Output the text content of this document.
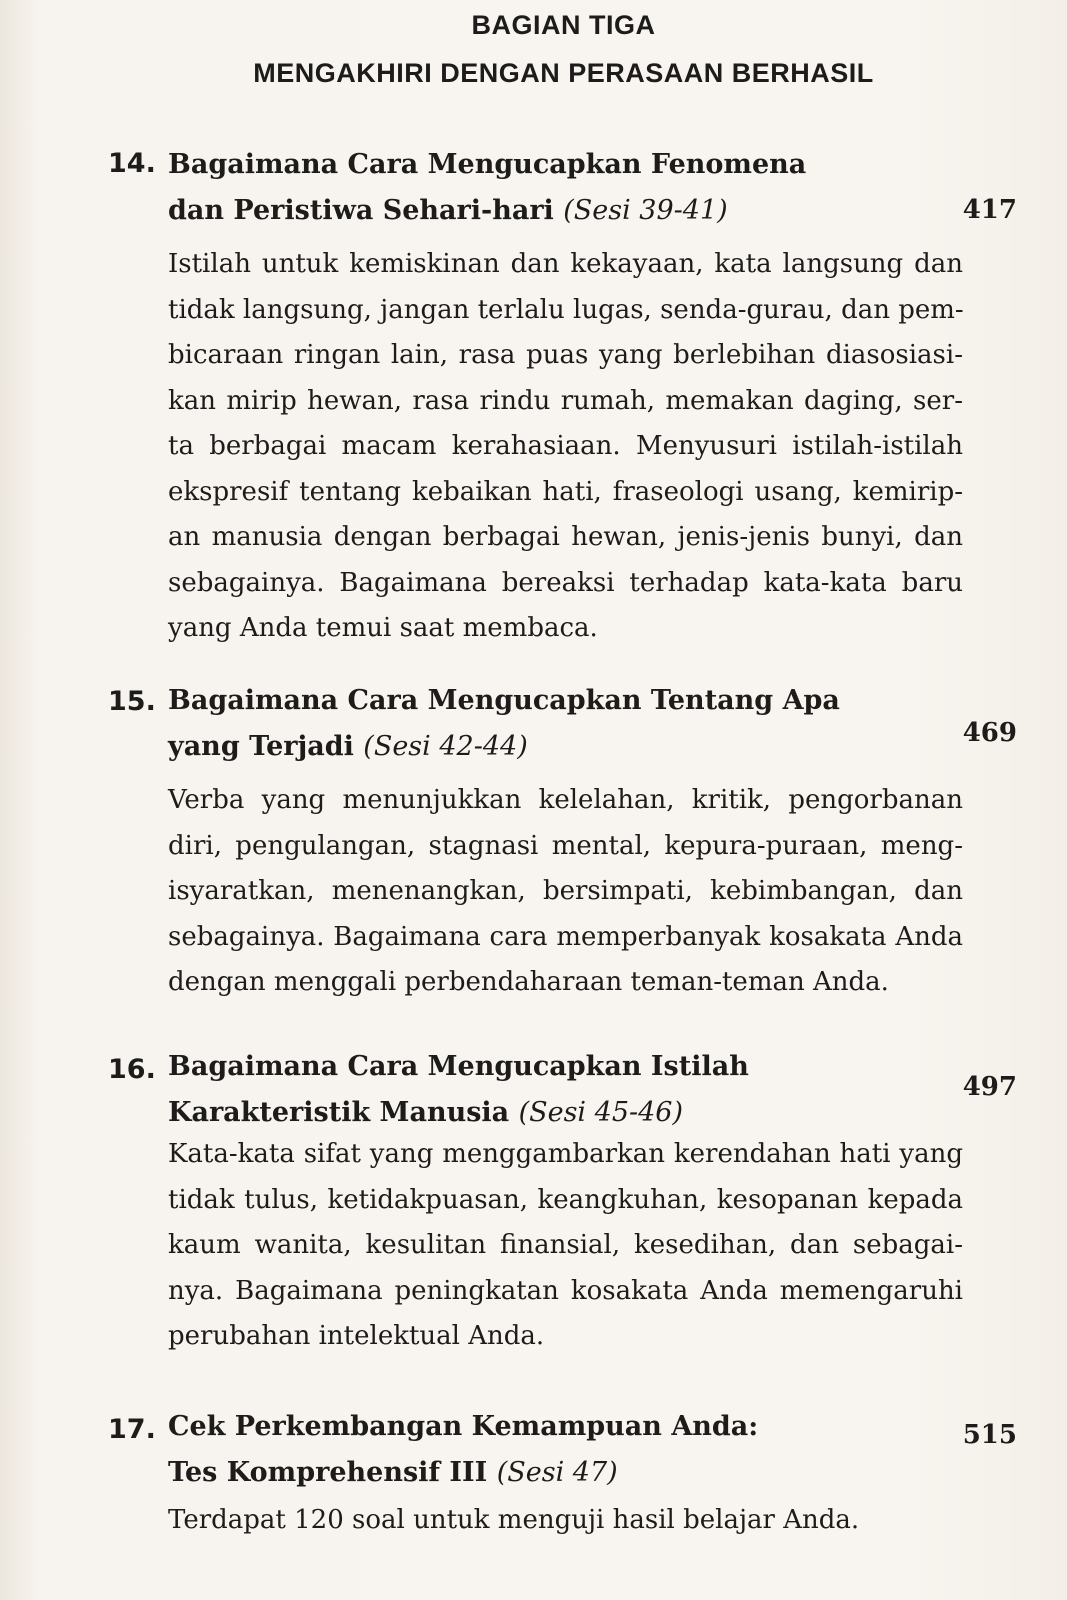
BAGIAN TIGA
MENGAKHIRI DENGAN PERASAAN BERHASIL
14. Bagaimana Cara Mengucapkan Fenomena
dan Peristiwa Sehari-hari (Sesi 39-41)	417
Istilah untuk kemiskinan dan kekayaan, kata langsung dan
tidak langsung, jangan terlalu lugas, senda-gurau, dan pem-
bicaraan ringan lain, rasa puas yang berlebihan diasosiasi-
kan mirip hewan, rasa rindu rumah, memakan daging, ser-
ta berbagai macam kerahasiaan. Menyusuri istilah-istilah
ekspresif tentang kebaikan hati, fraseologi usang, kemirip-
an manusia dengan berbagai hewan, jenis-jenis bunyi, dan
sebagainya. Bagaimana bereaksi terhadap kata-kata baru
yang Anda temui saat membaca.
15. Bagaimana Cara Mengucapkan Tentang Apa
yang Terjadi (Sesi 42-44)	469
Verba yang menunjukkan kelelahan, kritik, pengorbanan
diri, pengulangan, stagnasi mental, kepura-puraan, meng-
isyaratkan, menenangkan, bersimpati, kebimbangan, dan
sebagainya. Bagaimana cara memperbanyak kosakata Anda
dengan menggali perbendaharaan teman-teman Anda.
16. Bagaimana Cara Mengucapkan Istilah
Karakteristik Manusia (Sesi 45-46)
497
Kata-kata sifat yang menggambarkan kerendahan hati yang
tidak tulus, ketidakpuasan, keangkuhan, kesopanan kepada
kaum wanita, kesulitan finansial, kesedihan, dan sebagai-
nya. Bagaimana peningkatan kosakata Anda memengaruhi
perubahan intelektual Anda.
17. Cek Perkembangan Kemampuan Anda:
Tes Komprehensif III (Sesi 47)
515
Terdapat 120 soal untuk menguji hasil belajar Anda.
